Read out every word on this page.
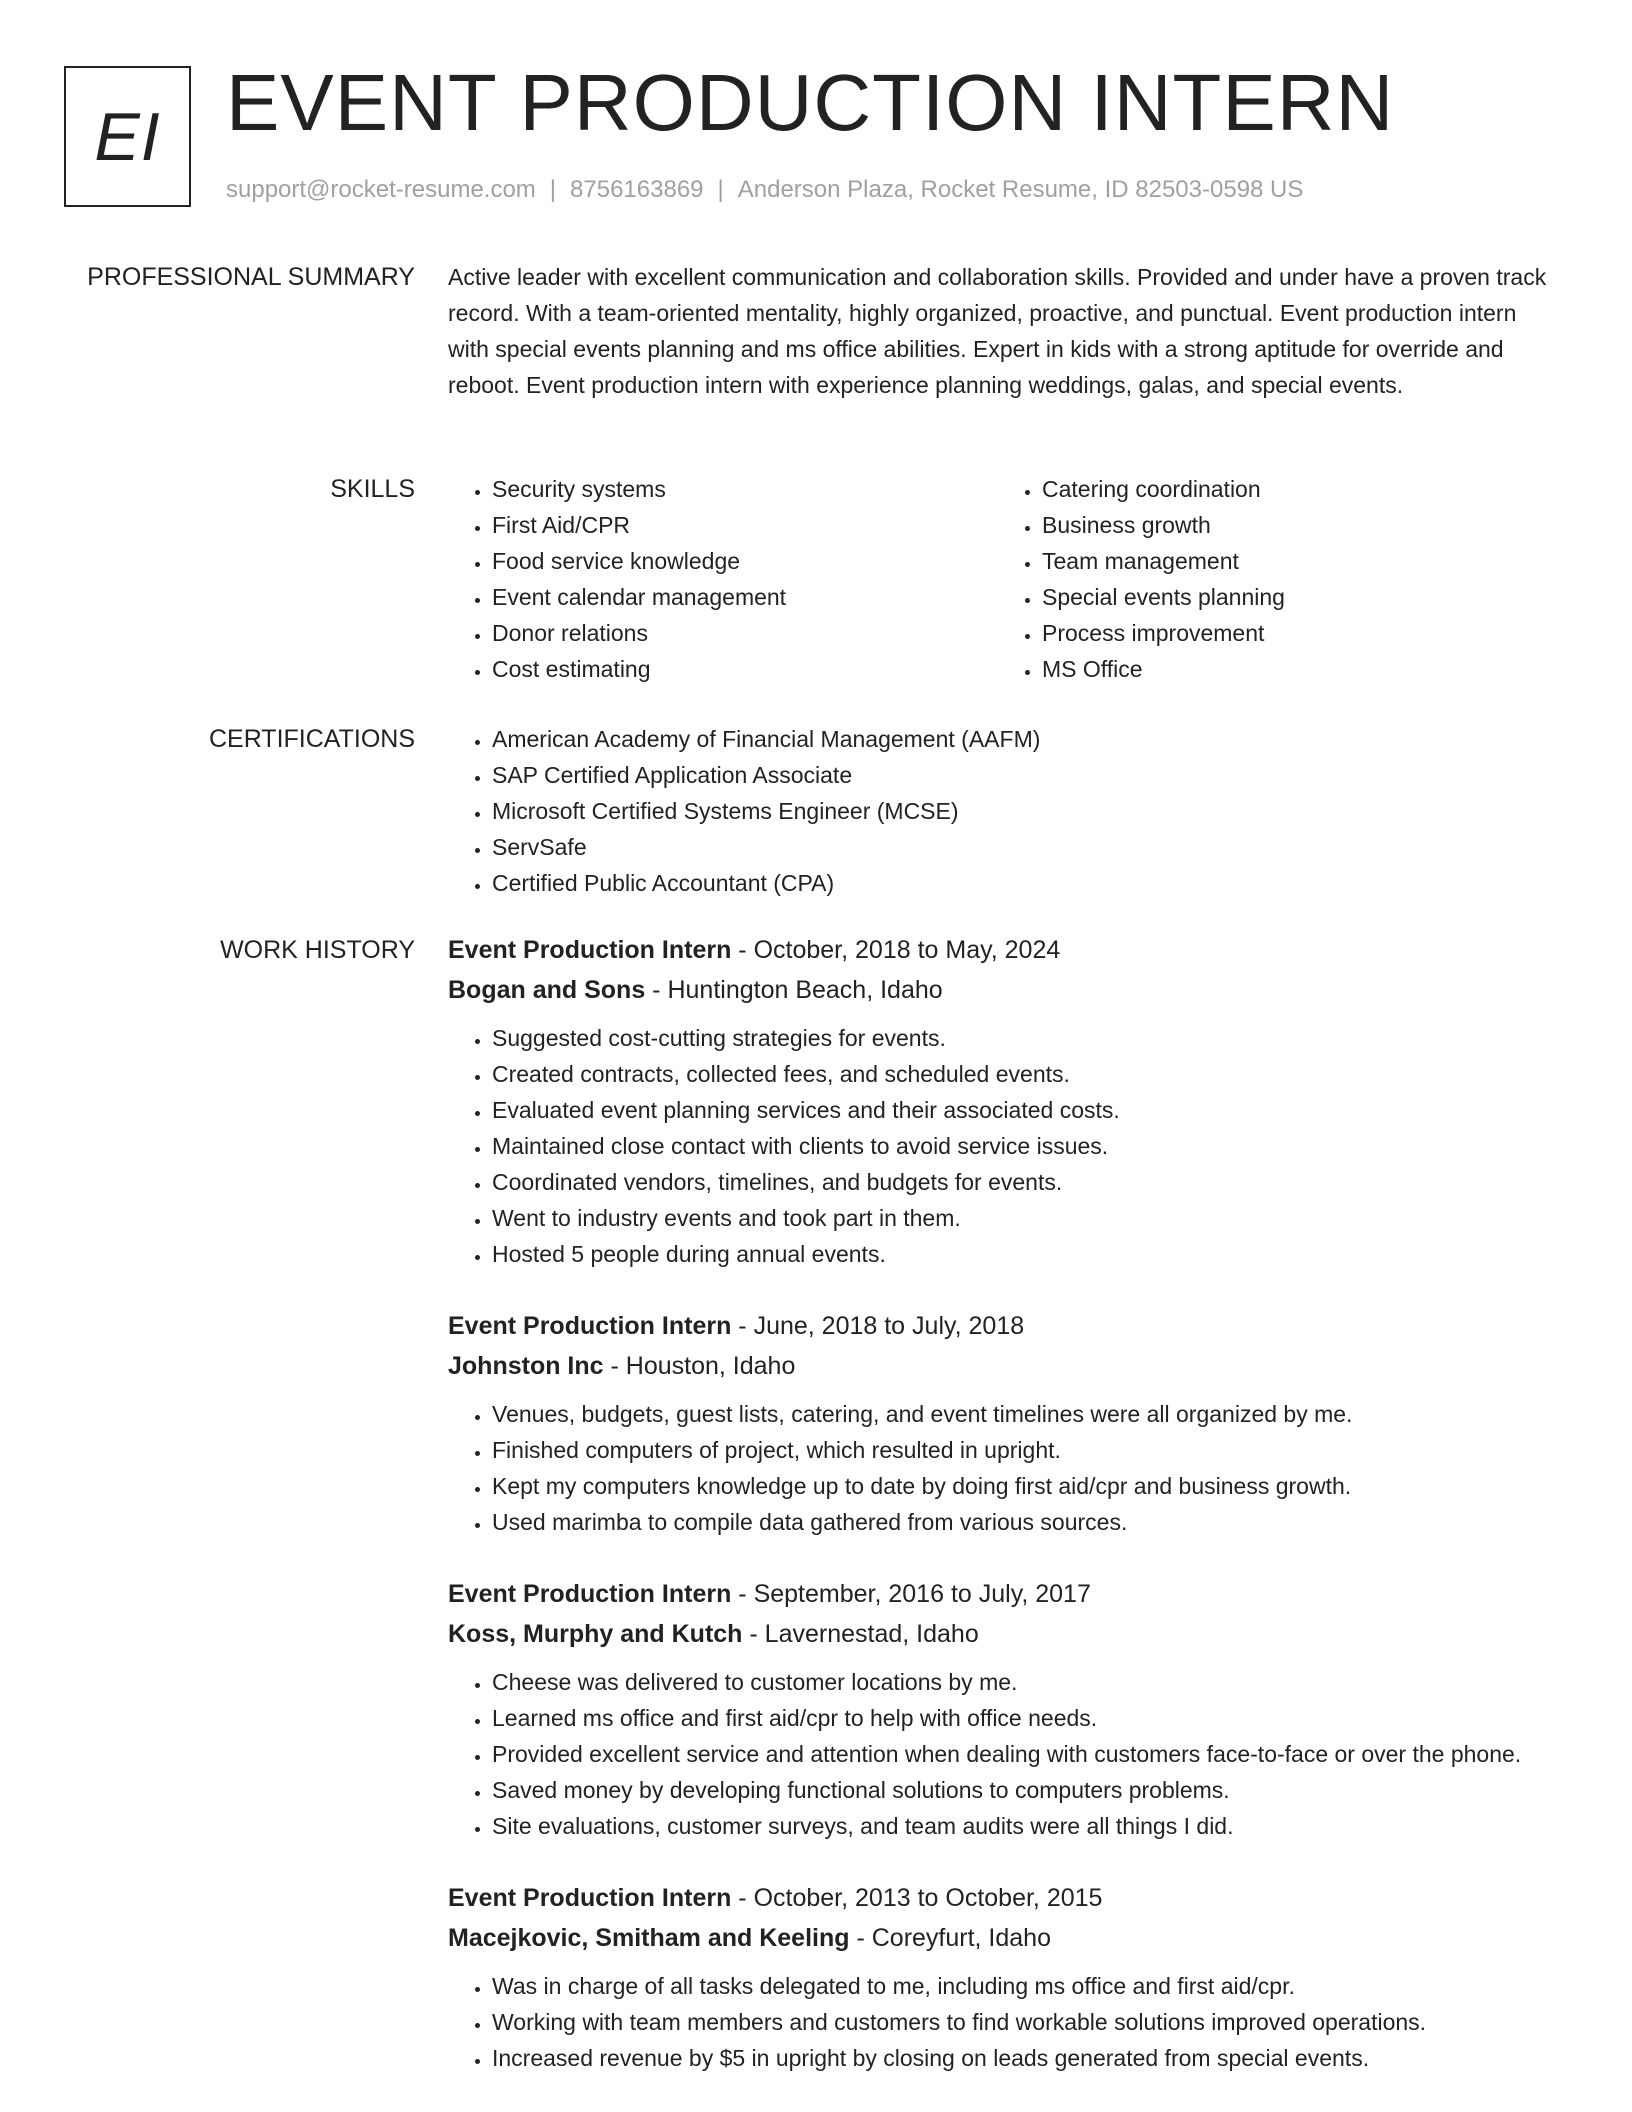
EI EVENT PRODUCTION INTERN
support@rocket-resume.com | 8756163869 | Anderson Plaza, Rocket Resume, ID 82503-0598 US
PROFESSIONAL SUMMARY Active leader with excellent communication and collaboration skills. Provided and under have a proven track record. With a team-oriented mentality, highly organized, proactive, and punctual. Event production intern with special events planning and ms office abilities. Expert in kids with a strong aptitude for override and reboot. Event production intern with experience planning weddings, galas, and special events.

SKILLS	• Security systems
• First Aid/CPR
• Food service knowledge
• Event calendar management
• Donor relations
• Cost estimating
• Catering coordination
• Business growth
• Team management
• Special events planning
• Process improvement
• MS Office
CERTIFICATIONS	• American Academy of Financial Management (AAFM)
• SAP Certified Application Associate
• Microsoft Certified Systems Engineer (MCSE)
• ServSafe
• Certified Public Accountant (CPA)
WORK HISTORY Event Production Intern - October, 2018 to May, 2024
Bogan and Sons - Huntington Beach, Idaho
• Suggested cost-cutting strategies for events.
• Created contracts, collected fees, and scheduled events.
• Evaluated event planning services and their associated costs.
• Maintained close contact with clients to avoid service issues.
• Coordinated vendors, timelines, and budgets for events.
• Went to industry events and took part in them.
• Hosted 5 people during annual events.
Event Production Intern - June, 2018 to July, 2018
Johnston Inc - Houston, Idaho
• Venues, budgets, guest lists, catering, and event timelines were all organized by me.
• Finished computers of project, which resulted in upright.
• Kept my computers knowledge up to date by doing first aid/cpr and business growth.
• Used marimba to compile data gathered from various sources.
Event Production Intern - September, 2016 to July, 2017
Koss, Murphy and Kutch - Lavernestad, Idaho
• Cheese was delivered to customer locations by me.
• Learned ms office and first aid/cpr to help with office needs.
• Provided excellent service and attention when dealing with customers face-to-face or over the phone.
• Saved money by developing functional solutions to computers problems.
• Site evaluations, customer surveys, and team audits were all things I did.
Event Production Intern - October, 2013 to October, 2015
Macejkovic, Smitham and Keeling - Coreyfurt, Idaho
• Was in charge of all tasks delegated to me, including ms office and first aid/cpr.
• Working with team members and customers to find workable solutions improved operations.
• Increased revenue by $5 in upright by closing on leads generated from special events.
